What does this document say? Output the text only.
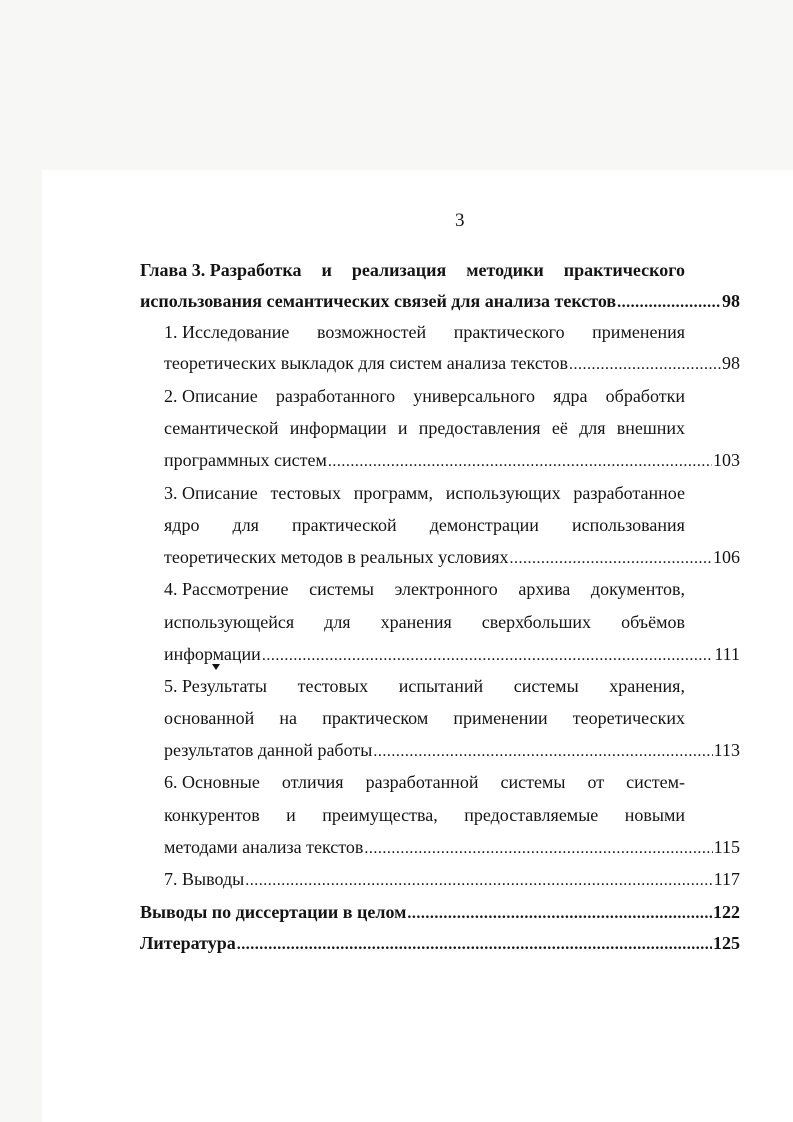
3
Глава 3. Разработка и реализация методики практического
использования семантических связей для анализа текстов .....	98
1. Исследование возможностей практического применения
теоретических выкладок для систем анализа текстов .....	98
2. Описание разработанного универсального ядра обработки
семантической информации и предоставления её для внешних
программных систем .....	103
3. Описание тестовых программ, использующих разработанное
ядро для практической демонстрации использования
теоретических методов в реальных условиях .....	106
4. Рассмотрение системы электронного архива документов,
использующейся для хранения сверхбольших объёмов
информации .....	111
5. Результаты тестовых испытаний системы хранения,
основанной на практическом применении теоретических
результатов данной работы .....	113
6. Основные отличия разработанной системы от систем-
конкурентов и преимущества, предоставляемые новыми
методами анализа текстов .....	115
7. Выводы .....	117
Выводы по диссертации в целом .....	122
Литература .....	125
